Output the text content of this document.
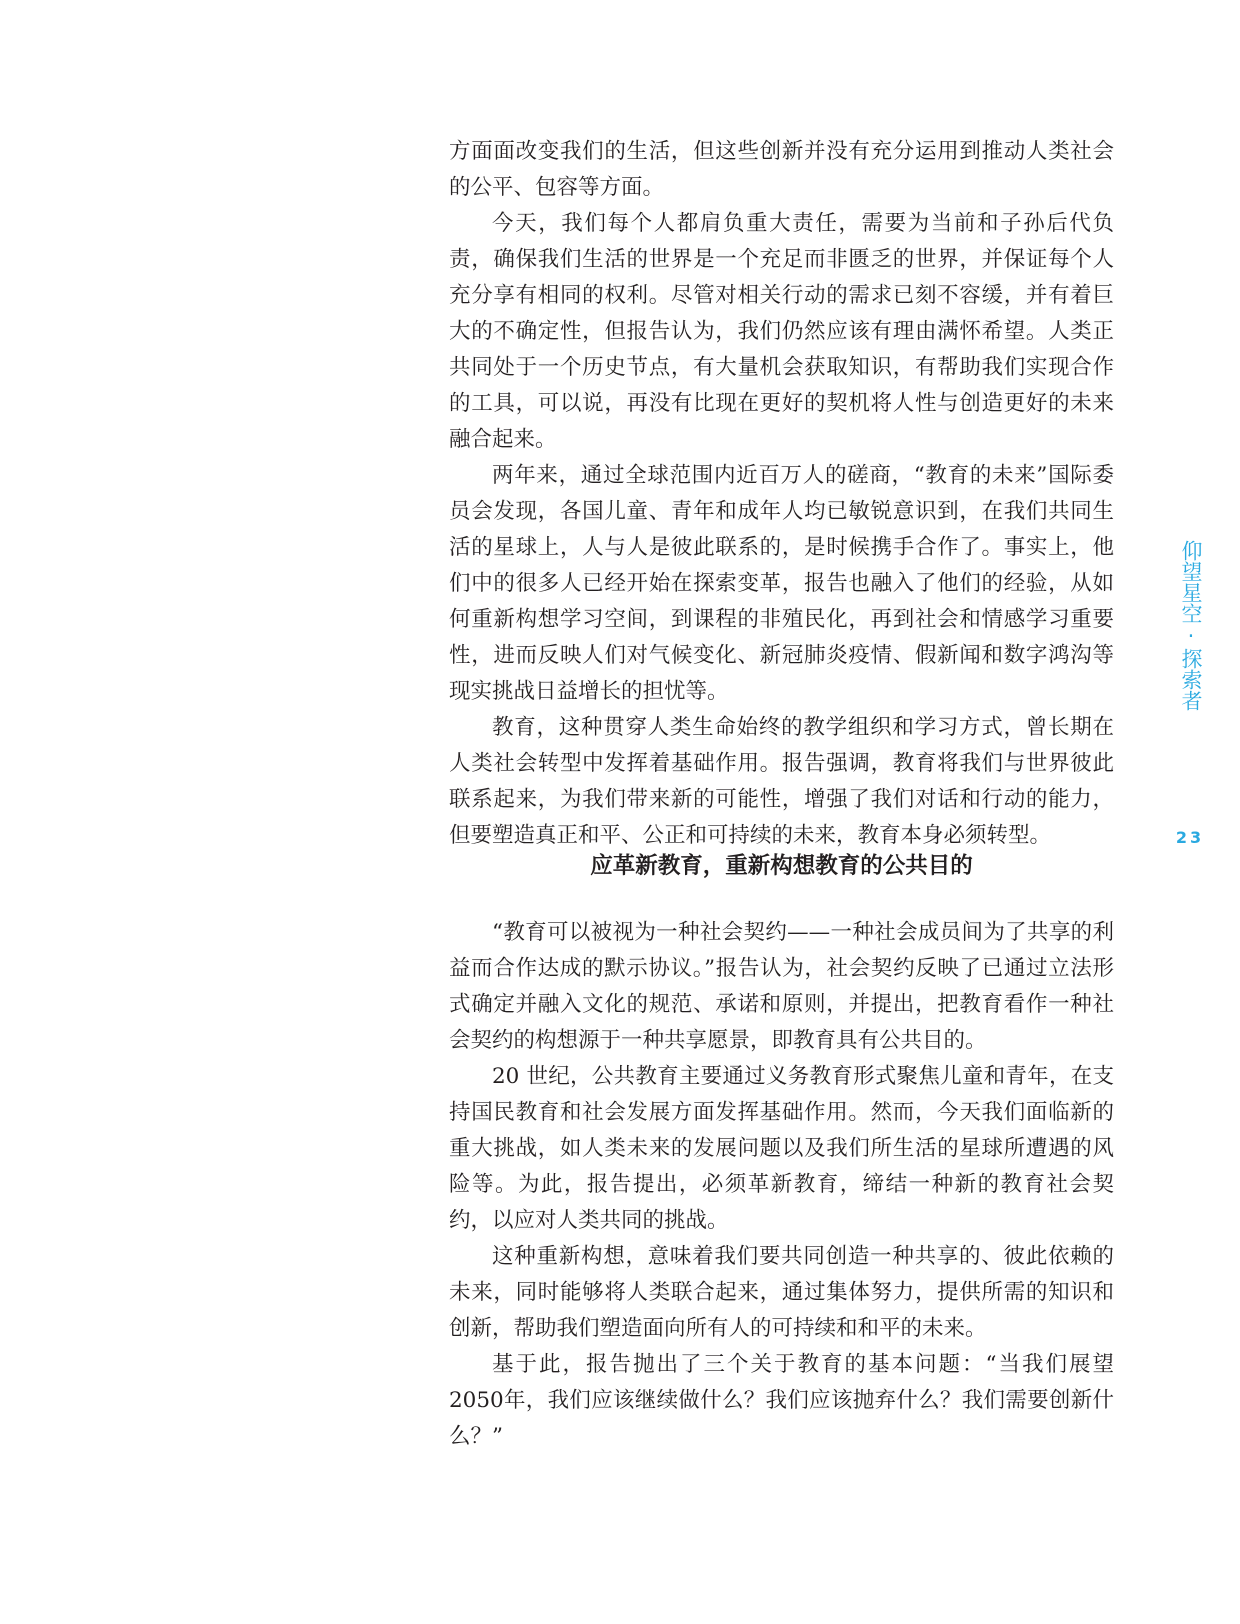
方面面改变我们的生活，但这些创新并没有充分运用到推动人类社会的公平、包容等方面。

今天，我们每个人都肩负重大责任，需要为当前和子孙后代负责，确保我们生活的世界是一个充足而非匮乏的世界，并保证每个人充分享有相同的权利。尽管对相关行动的需求已刻不容缓，并有着巨大的不确定性，但报告认为，我们仍然应该有理由满怀希望。人类正共同处于一个历史节点，有大量机会获取知识，有帮助我们实现合作的工具，可以说，再没有比现在更好的契机将人性与创造更好的未来融合起来。

两年来，通过全球范围内近百万人的磋商，“教育的未来”国际委员会发现，各国儿童、青年和成年人均已敏锐意识到，在我们共同生活的星球上，人与人是彼此联系的，是时候携手合作了。事实上，他们中的很多人已经开始在探索变革，报告也融入了他们的经验，从如何重新构想学习空间，到课程的非殖民化，再到社会和情感学习重要性，进而反映人们对气候变化、新冠肺炎疫情、假新闻和数字鸿沟等现实挑战日益增长的担忧等。

教育，这种贯穿人类生命始终的教学组织和学习方式，曾长期在人类社会转型中发挥着基础作用。报告强调，教育将我们与世界彼此联系起来，为我们带来新的可能性，增强了我们对话和行动的能力，但要塑造真正和平、公正和可持续的未来，教育本身必须转型。

应革新教育，重新构想教育的公共目的

“教育可以被视为一种社会契约——一种社会成员间为了共享的利益而合作达成的默示协议。”报告认为，社会契约反映了已通过立法形式确定并融入文化的规范、承诺和原则，并提出，把教育看作一种社会契约的构想源于一种共享愿景，即教育具有公共目的。

20 世纪，公共教育主要通过义务教育形式聚焦儿童和青年，在支持国民教育和社会发展方面发挥基础作用。然而，今天我们面临新的重大挑战，如人类未来的发展问题以及我们所生活的星球所遭遇的风险等。为此，报告提出，必须革新教育，缔结一种新的教育社会契约，以应对人类共同的挑战。

这种重新构想，意味着我们要共同创造一种共享的、彼此依赖的未来，同时能够将人类联合起来，通过集体努力，提供所需的知识和创新，帮助我们塑造面向所有人的可持续和和平的未来。

基于此，报告抛出了三个关于教育的基本问题：“当我们展望2050年，我们应该继续做什么？我们应该抛弃什么？我们需要创新什么？”

仰望星空·探索者
23
